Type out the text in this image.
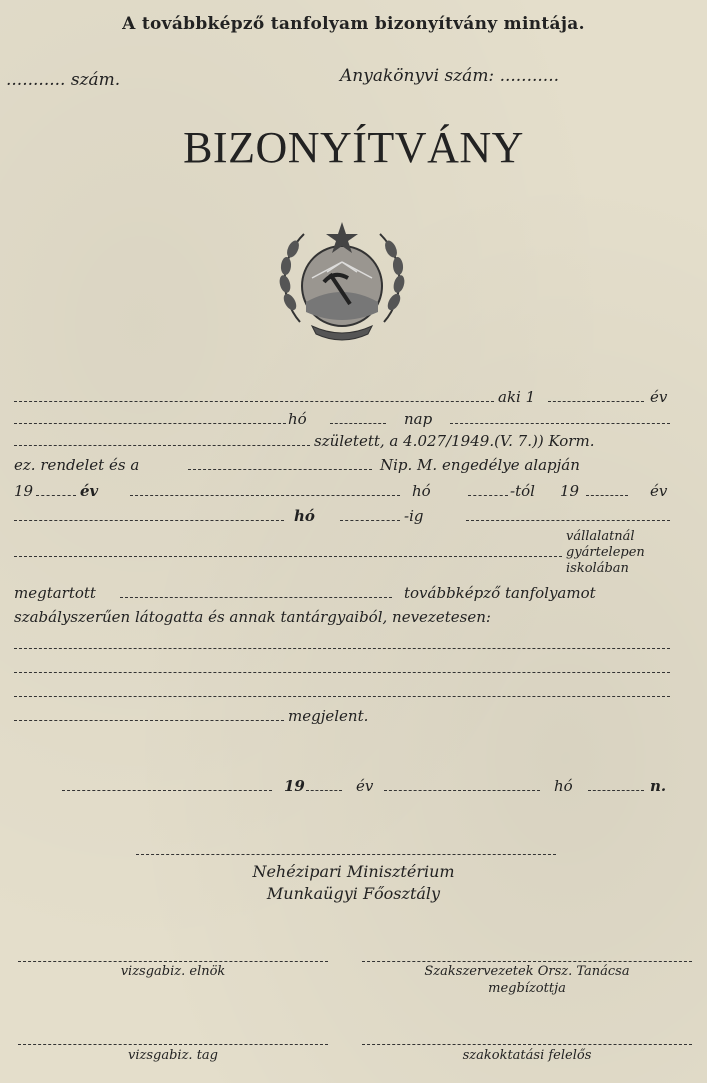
A továbbképző tanfolyam bizonyítvány mintája.
........... szám.	Anyakönyvi szám: ...........
BIZONYÍTVÁNY
aki 1	év
hó	nap
született, a 4.027/1949.(V. 7.)) Korm.
ez. rendelet és a	Nip. M. engedélye alapján
19	év	hó	-tól 19	év
hó	-ig
vállalatnál
gyártelepen
iskolában
megtartott	továbbképző tanfolyamot
szabályszerűen látogatta és annak tantárgyaiból, nevezetesen:
megjelent.
19	év	hó	n.
Nehézipari Minisztérium
Munkaügyi Főosztály
vizsgabiz. elnök	Szakszervezetek Orsz. Tanácsa
megbízottja
vizsgabiz. tag	szakoktatási felelős
